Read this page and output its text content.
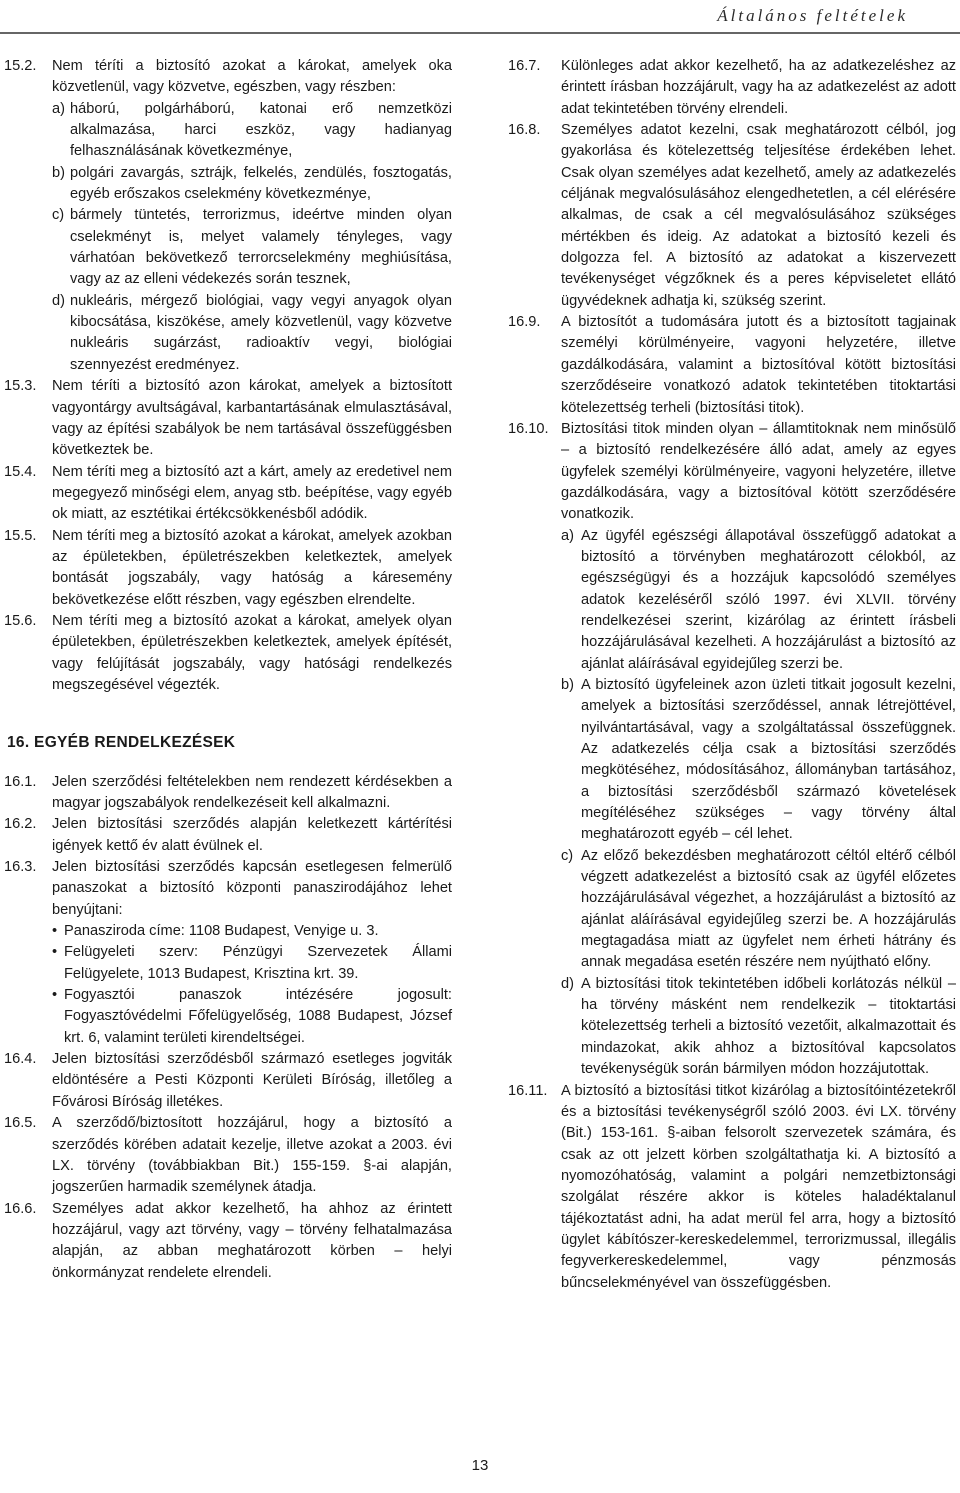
Általános feltételek
15.2. Nem téríti a biztosító azokat a károkat, amelyek oka közvetlenül, vagy közvetve, egészben, vagy részben:
a) háború, polgárháború, katonai erő nemzetközi alkalmazása, harci eszköz, vagy hadianyag felhasználásának következménye,
b) polgári zavargás, sztrájk, felkelés, zendülés, fosztogatás, egyéb erőszakos cselekmény következménye,
c) bármely tüntetés, terrorizmus, ideértve minden olyan cselekményt is, melyet valamely tényleges, vagy várhatóan bekövetkező terrorcselekmény meghiúsítása, vagy az az elleni védekezés során tesznek,
d) nukleáris, mérgező biológiai, vagy vegyi anyagok olyan kibocsátása, kiszökése, amely közvetlenül, vagy közvetve nukleáris sugárzást, radioaktív vegyi, biológiai szennyezést eredményez.
15.3. Nem téríti a biztosító azon károkat, amelyek a biztosított vagyontárgy avultságával, karbantartásának elmulasztásával, vagy az építési szabályok be nem tartásával összefüggésben következtek be.
15.4. Nem téríti meg a biztosító azt a kárt, amely az eredetivel nem megegyező minőségi elem, anyag stb. beépítése, vagy egyéb ok miatt, az esztétikai értékcsökkenésből adódik.
15.5. Nem téríti meg a biztosító azokat a károkat, amelyek azokban az épületekben, épületrészekben keletkeztek, amelyek bontását jogszabály, vagy hatóság a káresemény bekövetkezése előtt részben, vagy egészben elrendelte.
15.6. Nem téríti meg a biztosító azokat a károkat, amelyek olyan épületekben, épületrészekben keletkeztek, amelyek építését, vagy felújítását jogszabály, vagy hatósági rendelkezés megszegésével végezték.
16. EGYÉB RENDELKEZÉSEK
16.1. Jelen szerződési feltételekben nem rendezett kérdésekben a magyar jogszabályok rendelkezéseit kell alkalmazni.
16.2. Jelen biztosítási szerződés alapján keletkezett kártérítési igények kettő év alatt évülnek el.
16.3. Jelen biztosítási szerződés kapcsán esetlegesen felmerülő panaszokat a biztosító központi panaszirodájához lehet benyújtani:
• Panasziroda címe: 1108 Budapest, Venyige u. 3.
• Felügyeleti szerv: Pénzügyi Szervezetek Állami Felügyelete, 1013 Budapest, Krisztina krt. 39.
• Fogyasztói panaszok intézésére jogosult: Fogyasztóvédelmi Főfelügyelőség, 1088 Budapest, József krt. 6, valamint területi kirendeltségei.
16.4. Jelen biztosítási szerződésből származó esetleges jogviták eldöntésére a Pesti Központi Kerületi Bíróság, illetőleg a Fővárosi Bíróság illetékes.
16.5. A szerződő/biztosított hozzájárul, hogy a biztosító a szerződés körében adatait kezelje, illetve azokat a 2003. évi LX. törvény (továbbiakban Bit.) 155-159. §-ai alapján, jogszerűen harmadik személynek átadja.
16.6. Személyes adat akkor kezelhető, ha ahhoz az érintett hozzájárul, vagy azt törvény, vagy – törvény felhatalmazása alapján, az abban meghatározott körben – helyi önkormányzat rendelete elrendeli.
16.7. Különleges adat akkor kezelhető, ha az adatkezeléshez az érintett írásban hozzájárult, vagy ha az adatkezelést az adott adat tekintetében törvény elrendeli.
16.8. Személyes adatot kezelni, csak meghatározott célból, jog gyakorlása és kötelezettség teljesítése érdekében lehet. Csak olyan személyes adat kezelhető, amely az adatkezelés céljának megvalósulásához elengedhetetlen, a cél elérésére alkalmas, de csak a cél megvalósulásához szükséges mértékben és ideig. Az adatokat a biztosító kezeli és dolgozza fel. A biztosító az adatokat a kiszervezett tevékenységet végzőknek és a peres képviseletet ellátó ügyvédeknek adhatja ki, szükség szerint.
16.9. A biztosítót a tudomására jutott és a biztosított tagjainak személyi körülményeire, vagyoni helyzetére, illetve gazdálkodására, valamint a biztosítóval kötött biztosítási szerződéseire vonatkozó adatok tekintetében titoktartási kötelezettség terheli (biztosítási titok).
16.10. Biztosítási titok minden olyan – államtitoknak nem minősülő – a biztosító rendelkezésére álló adat, amely az egyes ügyfelek személyi körülményeire, vagyoni helyzetére, illetve gazdálkodására, vagy a biztosítóval kötött szerződésére vonatkozik.
a) Az ügyfél egészségi állapotával összefüggő adatokat a biztosító a törvényben meghatározott célokból, az egészségügyi és a hozzájuk kapcsolódó személyes adatok kezeléséről szóló 1997. évi XLVII. törvény rendelkezései szerint, kizárólag az érintett írásbeli hozzájárulásával kezelheti. A hozzájárulást a biztosító az ajánlat aláírásával egyidejűleg szerzi be.
b) A biztosító ügyfeleinek azon üzleti titkait jogosult kezelni, amelyek a biztosítási szerződéssel, annak létrejöttével, nyilvántartásával, vagy a szolgáltatással összefüggnek. Az adatkezelés célja csak a biztosítási szerződés megkötéséhez, módosításához, állományban tartásához, a biztosítási szerződésből származó követelések megítéléséhez szükséges – vagy törvény által meghatározott egyéb – cél lehet.
c) Az előző bekezdésben meghatározott céltól eltérő célból végzett adatkezelést a biztosító csak az ügyfél előzetes hozzájárulásával végezhet, a hozzájárulást a biztosító az ajánlat aláírásával egyidejűleg szerzi be. A hozzájárulás megtagadása miatt az ügyfelet nem érheti hátrány és annak megadása esetén részére nem nyújtható előny.
d) A biztosítási titok tekintetében időbeli korlátozás nélkül – ha törvény másként nem rendelkezik – titoktartási kötelezettség terheli a biztosító vezetőit, alkalmazottait és mindazokat, akik ahhoz a biztosítóval kapcsolatos tevékenységük során bármilyen módon hozzájutottak.
16.11. A biztosító a biztosítási titkot kizárólag a biztosítóintézetekről és a biztosítási tevékenységről szóló 2003. évi LX. törvény (Bit.) 153-161. §-aiban felsorolt szervezetek számára, és csak az ott jelzett körben szolgáltathatja ki. A biztosító a nyomozóhatóság, valamint a polgári nemzetbiztonsági szolgálat részére akkor is köteles haladéktalanul tájékoztatást adni, ha adat merül fel arra, hogy a biztosító ügylet kábítószer-kereskedelemmel, terrorizmussal, illegális fegyverkereskedelemmel, vagy pénzmosás bűncselekményével van összefüggésben.
13
